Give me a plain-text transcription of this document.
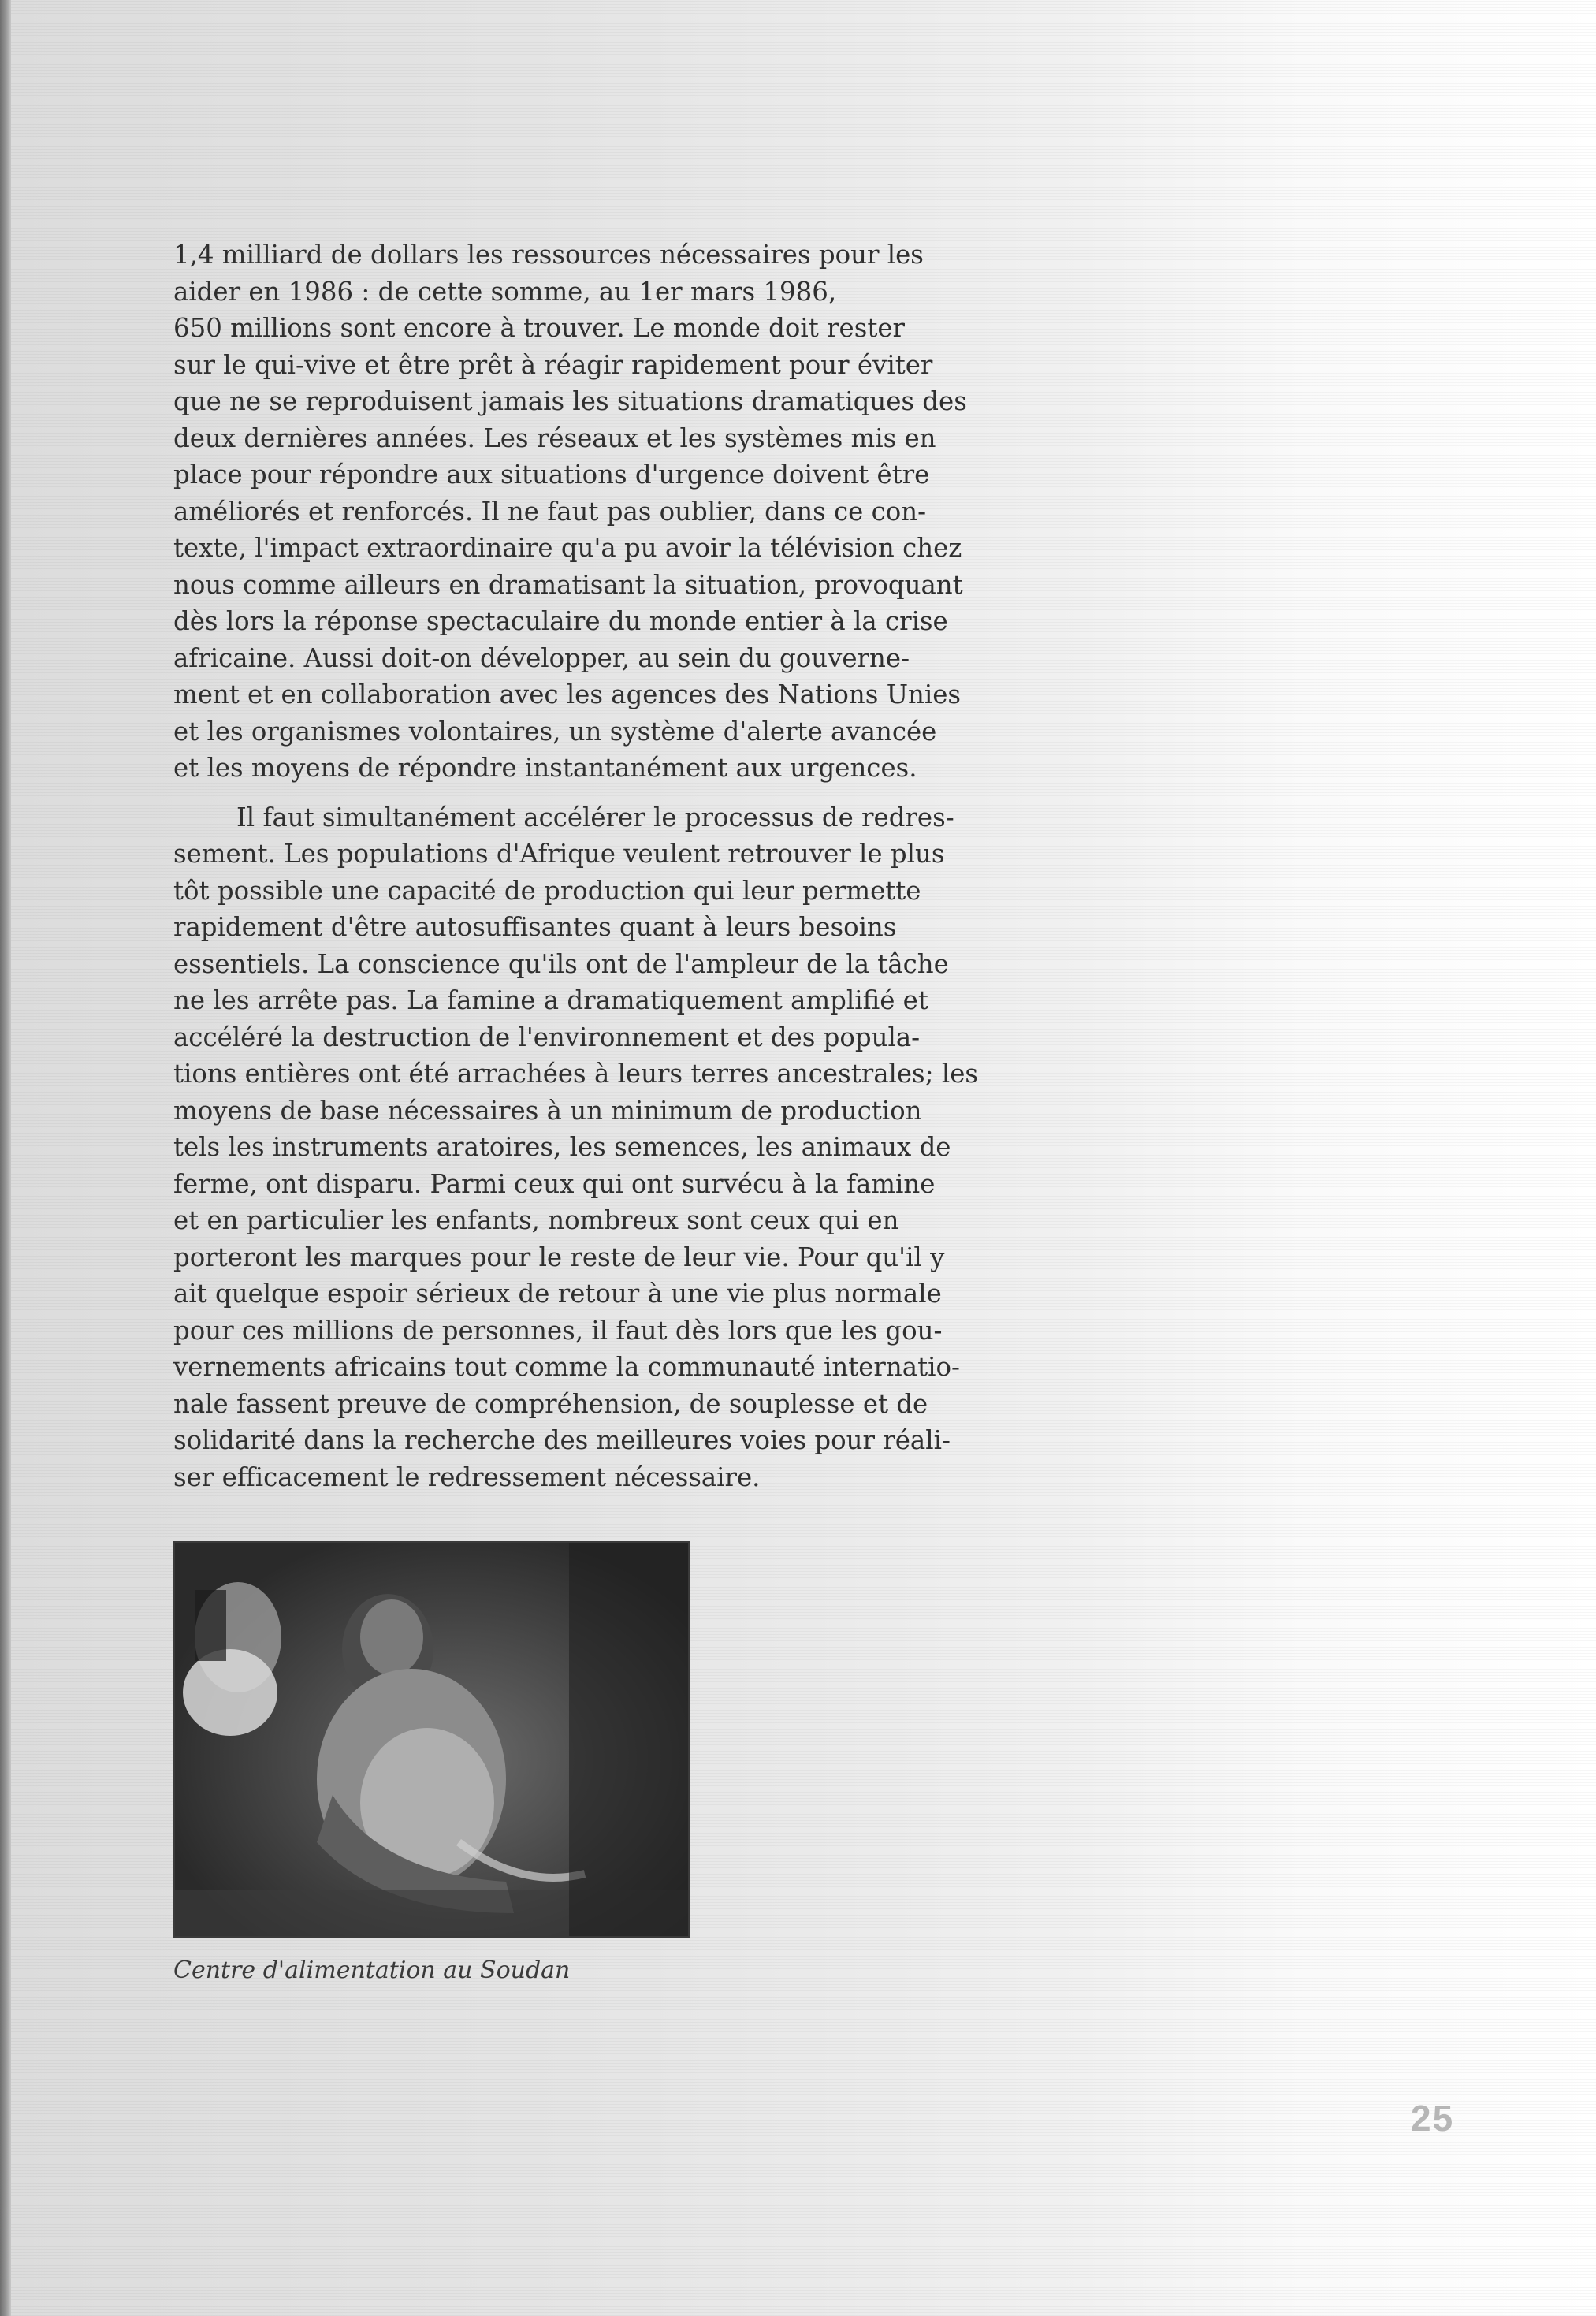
1,4 milliard de dollars les ressources nécessaires pour les
aider en 1986 : de cette somme, au 1er mars 1986,
650 millions sont encore à trouver. Le monde doit rester
sur le qui-vive et être prêt à réagir rapidement pour éviter
que ne se reproduisent jamais les situations dramatiques des
deux dernières années. Les réseaux et les systèmes mis en
place pour répondre aux situations d'urgence doivent être
améliorés et renforcés. Il ne faut pas oublier, dans ce con-
texte, l'impact extraordinaire qu'a pu avoir la télévision chez
nous comme ailleurs en dramatisant la situation, provoquant
dès lors la réponse spectaculaire du monde entier à la crise
africaine. Aussi doit-on développer, au sein du gouverne-
ment et en collaboration avec les agences des Nations Unies
et les organismes volontaires, un système d'alerte avancée
et les moyens de répondre instantanément aux urgences.

Il faut simultanément accélérer le processus de redres-
sement. Les populations d'Afrique veulent retrouver le plus
tôt possible une capacité de production qui leur permette
rapidement d'être autosuffisantes quant à leurs besoins
essentiels. La conscience qu'ils ont de l'ampleur de la tâche
ne les arrête pas. La famine a dramatiquement amplifié et
accéléré la destruction de l'environnement et des popula-
tions entières ont été arrachées à leurs terres ancestrales; les
moyens de base nécessaires à un minimum de production
tels les instruments aratoires, les semences, les animaux de
ferme, ont disparu. Parmi ceux qui ont survécu à la famine
et en particulier les enfants, nombreux sont ceux qui en
porteront les marques pour le reste de leur vie. Pour qu'il y
ait quelque espoir sérieux de retour à une vie plus normale
pour ces millions de personnes, il faut dès lors que les gou-
vernements africains tout comme la communauté internatio-
nale fassent preuve de compréhension, de souplesse et de
solidarité dans la recherche des meilleures voies pour réali-
ser efficacement le redressement nécessaire.

Centre d'alimentation au Soudan
25
